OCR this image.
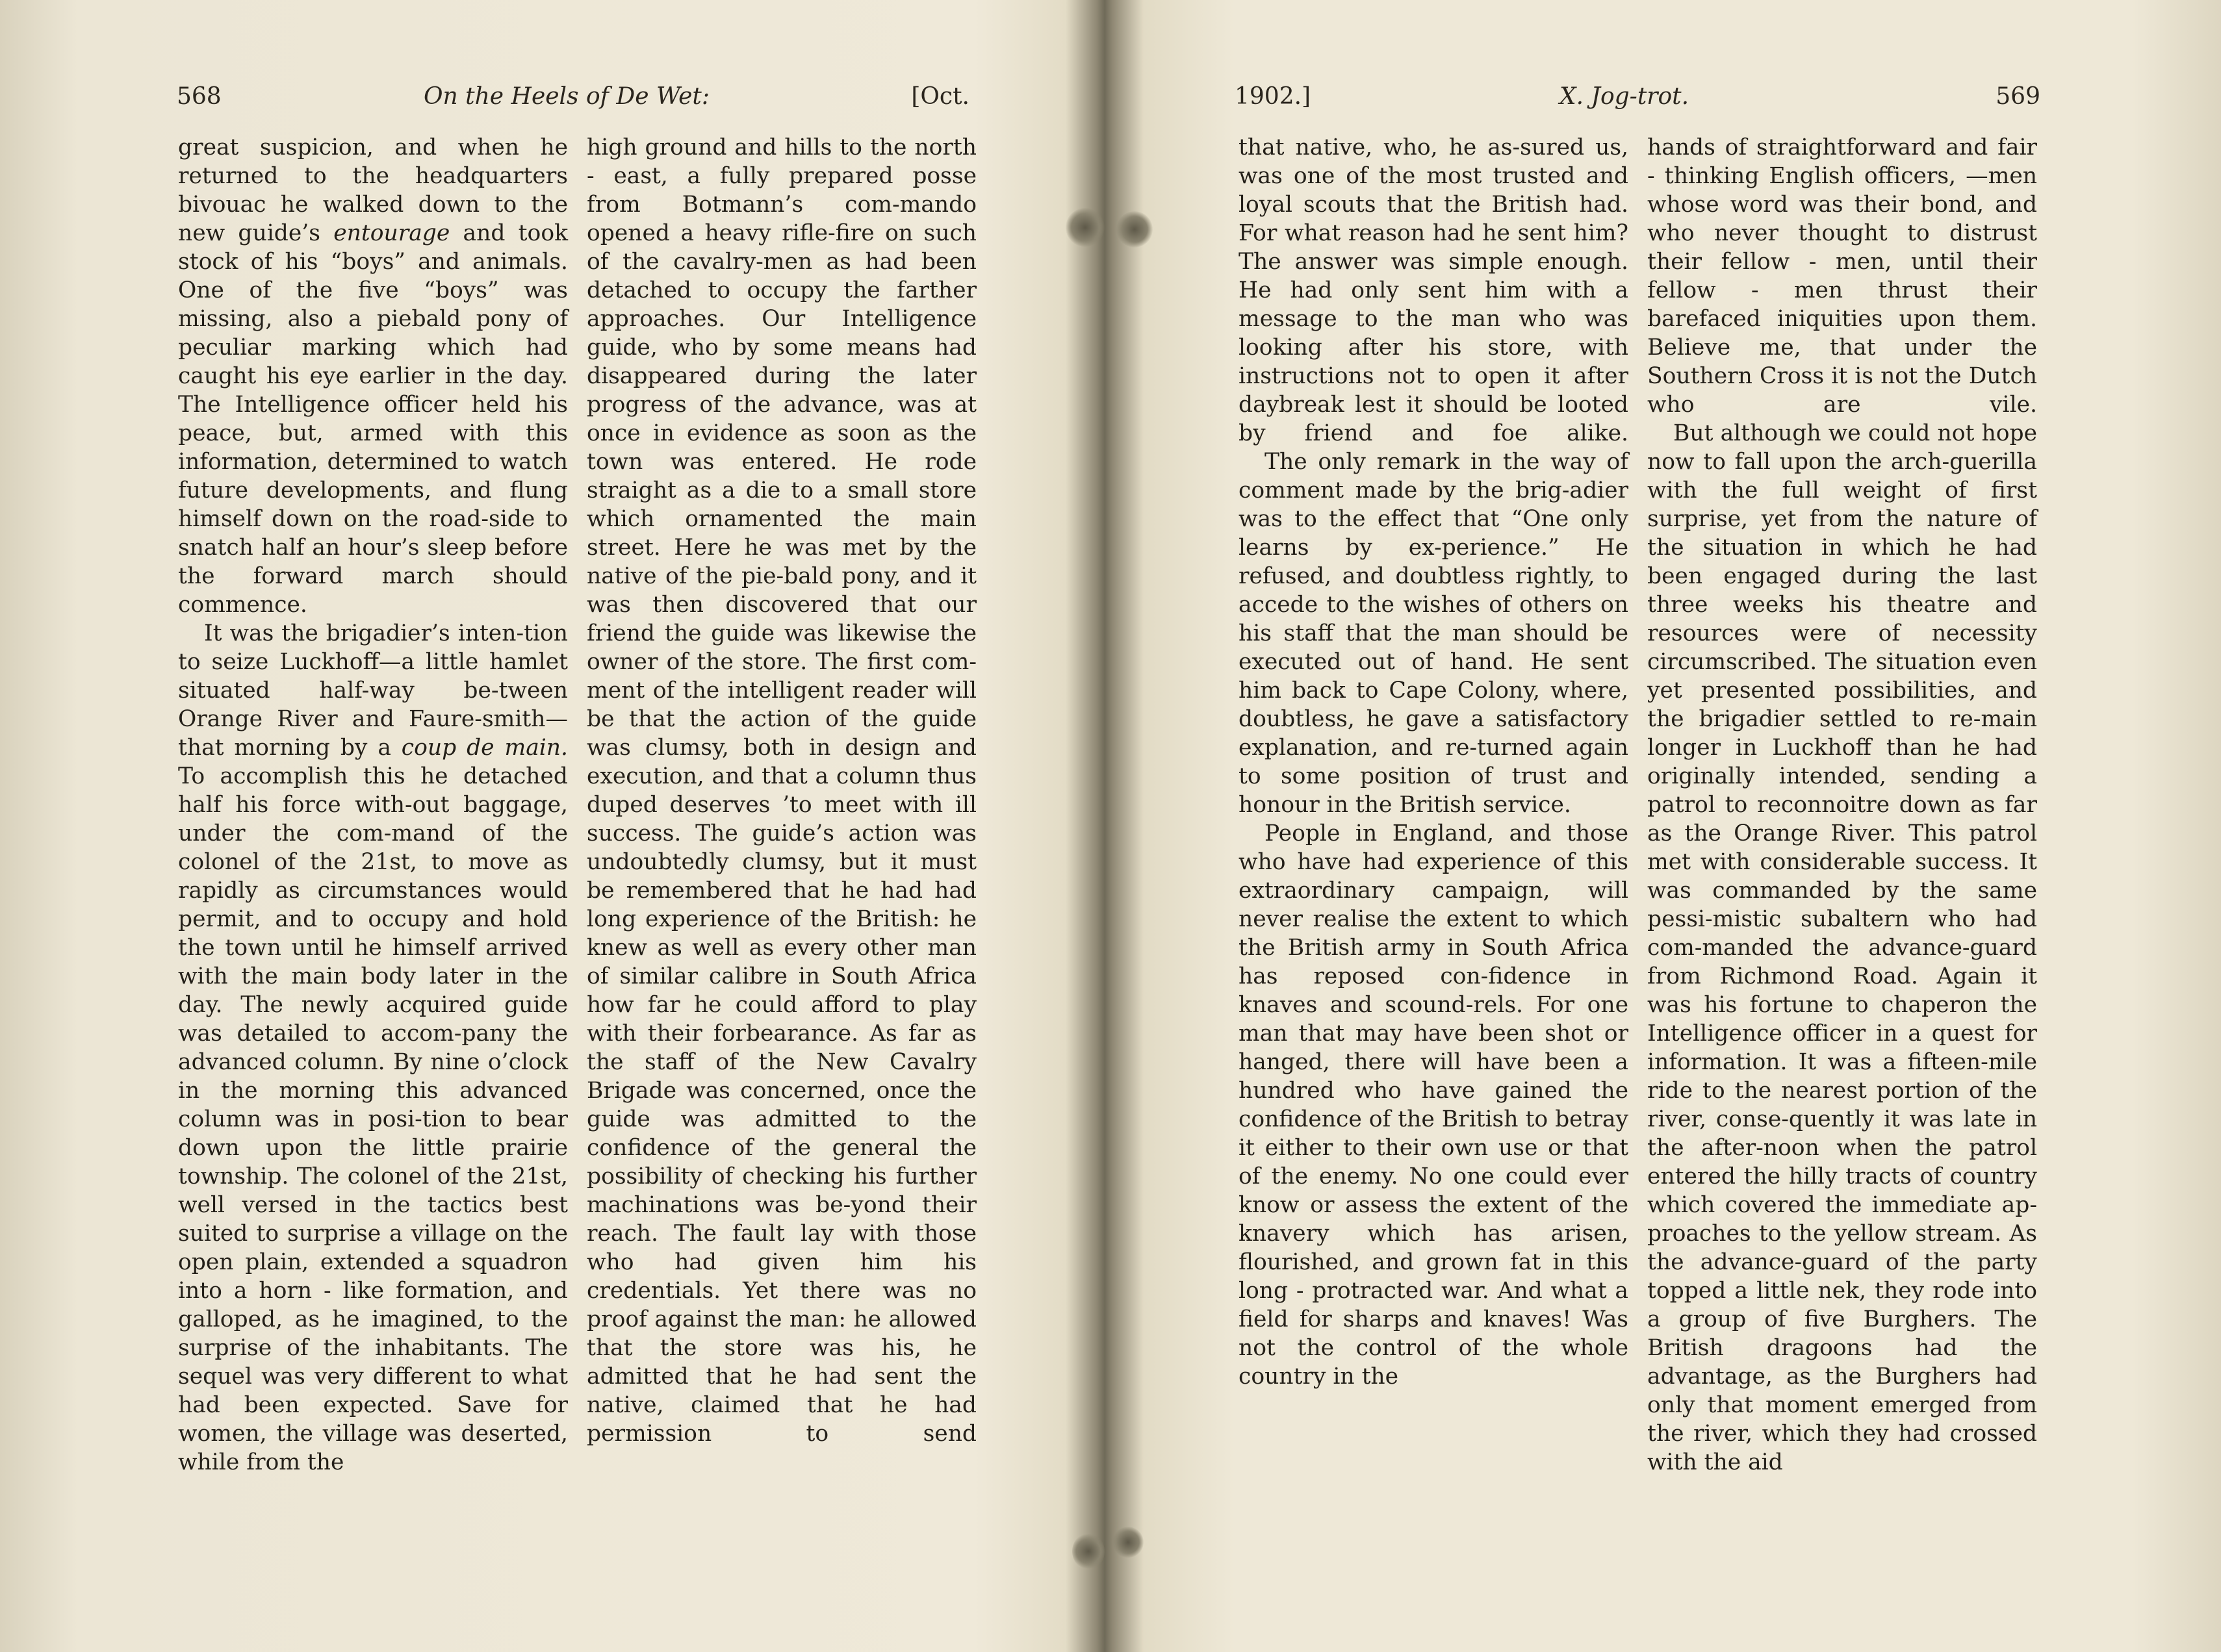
568	On the Heels of De Wet:	[Oct.

great suspicion, and when he returned to the headquarters bivouac he walked down to the new guide’s entourage and took stock of his “boys” and animals. One of the five “boys” was missing, also a piebald pony of peculiar marking which had caught his eye earlier in the day. The Intelligence officer held his peace, but, armed with this information, determined to watch future developments, and flung himself down on the road-side to snatch half an hour’s sleep before the forward march should commence.

It was the brigadier’s inten-tion to seize Luckhoff—a little hamlet situated half-way be-tween Orange River and Faure-smith—that morning by a coup de main. To accomplish this he detached half his force with-out baggage, under the com-mand of the colonel of the 21st, to move as rapidly as circumstances would permit, and to occupy and hold the town until he himself arrived with the main body later in the day. The newly acquired guide was detailed to accom-pany the advanced column. By nine o’clock in the morning this advanced column was in posi-tion to bear down upon the little prairie township. The colonel of the 21st, well versed in the tactics best suited to surprise a village on the open plain, extended a squadron into a horn - like formation, and galloped, as he imagined, to the surprise of the inhabitants. The sequel was very different to what had been expected. Save for women, the village was deserted, while from the

high ground and hills to the north - east, a fully prepared posse from Botmann’s com-mando opened a heavy rifle-fire on such of the cavalry-men as had been detached to occupy the farther approaches. Our Intelligence guide, who by some means had disappeared during the later progress of the advance, was at once in evidence as soon as the town was entered. He rode straight as a die to a small store which ornamented the main street. Here he was met by the native of the pie-bald pony, and it was then discovered that our friend the guide was likewise the owner of the store. The first com-ment of the intelligent reader will be that the action of the guide was clumsy, both in design and execution, and that a column thus duped deserves ’to meet with ill success. The guide’s action was undoubtedly clumsy, but it must be remembered that he had had long experience of the British: he knew as well as every other man of similar calibre in South Africa how far he could afford to play with their forbearance. As far as the staff of the New Cavalry Brigade was concerned, once the guide was admitted to the confidence of the general the possibility of checking his further machinations was be-yond their reach. The fault lay with those who had given him his credentials. Yet there was no proof against the man: he allowed that the store was his, he admitted that he had sent the native, claimed that he had permission to send

1902.]	X. Jog-trot.	569

that native, who, he as-sured us, was one of the most trusted and loyal scouts that the British had. For what reason had he sent him? The answer was simple enough. He had only sent him with a message to the man who was looking after his store, with instructions not to open it after daybreak lest it should be looted by friend and foe alike.

The only remark in the way of comment made by the brig-adier was to the effect that “One only learns by ex-perience.” He refused, and doubtless rightly, to accede to the wishes of others on his staff that the man should be executed out of hand. He sent him back to Cape Colony, where, doubtless, he gave a satisfactory explanation, and re-turned again to some position of trust and honour in the British service.

People in England, and those who have had experience of this extraordinary campaign, will never realise the extent to which the British army in South Africa has reposed con-fidence in knaves and scound-rels. For one man that may have been shot or hanged, there will have been a hundred who have gained the confidence of the British to betray it either to their own use or that of the enemy. No one could ever know or assess the extent of the knavery which has arisen, flourished, and grown fat in this long - protracted war. And what a field for sharps and knaves! Was not the control of the whole country in the

hands of straightforward and fair - thinking English officers, —men whose word was their bond, and who never thought to distrust their fellow - men, until their fellow - men thrust their barefaced iniquities upon them. Believe me, that under the Southern Cross it is not the Dutch who are vile.

But although we could not hope now to fall upon the arch-guerilla with the full weight of first surprise, yet from the nature of the situation in which he had been engaged during the last three weeks his theatre and resources were of necessity circumscribed. The situation even yet presented possibilities, and the brigadier settled to re-main longer in Luckhoff than he had originally intended, sending a patrol to reconnoitre down as far as the Orange River. This patrol met with considerable success. It was commanded by the same pessi-mistic subaltern who had com-manded the advance-guard from Richmond Road. Again it was his fortune to chaperon the Intelligence officer in a quest for information. It was a fifteen-mile ride to the nearest portion of the river, conse-quently it was late in the after-noon when the patrol entered the hilly tracts of country which covered the immediate ap-proaches to the yellow stream. As the advance-guard of the party topped a little nek, they rode into a group of five Burghers. The British dragoons had the advantage, as the Burghers had only that moment emerged from the river, which they had crossed with the aid
